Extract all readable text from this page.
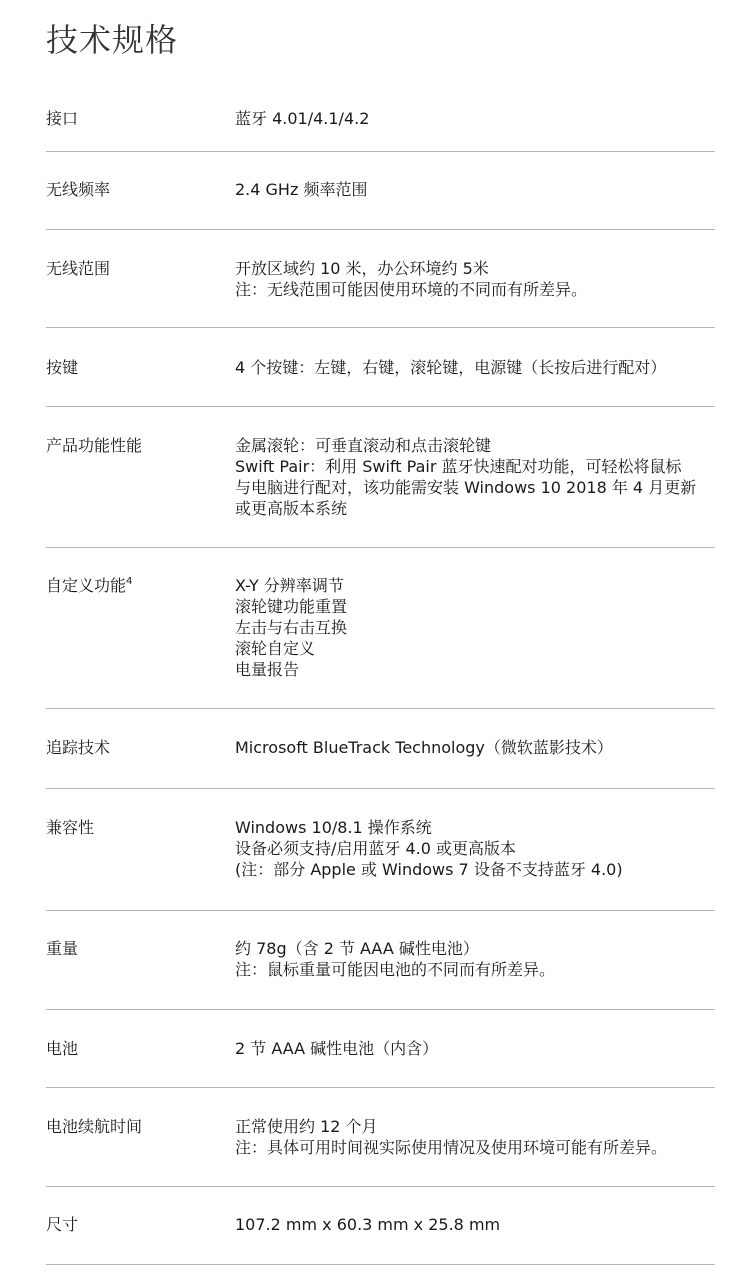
技术规格
接口	蓝牙 4.01/4.1/4.2
无线频率	2.4 GHz 频率范围
无线范围	开放区域约 10 米，办公环境约 5米
注：无线范围可能因使用环境的不同而有所差异。
按键	4 个按键：左键，右键，滚轮键，电源键（长按后进行配对）
产品功能性能	金属滚轮：可垂直滚动和点击滚轮键
Swift Pair：利用 Swift Pair 蓝牙快速配对功能，可轻松将鼠标
与电脑进行配对，该功能需安装 Windows 10 2018 年 4 月更新
或更高版本系统
自定义功能$^4$	X-Y 分辨率调节
滚轮键功能重置
左击与右击互换
滚轮自定义
电量报告
追踪技术	Microsoft BlueTrack Technology（微软蓝影技术）
兼容性	Windows 10/8.1 操作系统
设备必须支持/启用蓝牙 4.0 或更高版本
(注：部分 Apple 或 Windows 7 设备不支持蓝牙 4.0)
重量	约 78g（含 2 节 AAA 碱性电池）
注：鼠标重量可能因电池的不同而有所差异。
电池	2 节 AAA 碱性电池（内含）
电池续航时间	正常使用约 12 个月
注：具体可用时间视实际使用情况及使用环境可能有所差异。
尺寸	107.2 mm x 60.3 mm x 25.8 mm
